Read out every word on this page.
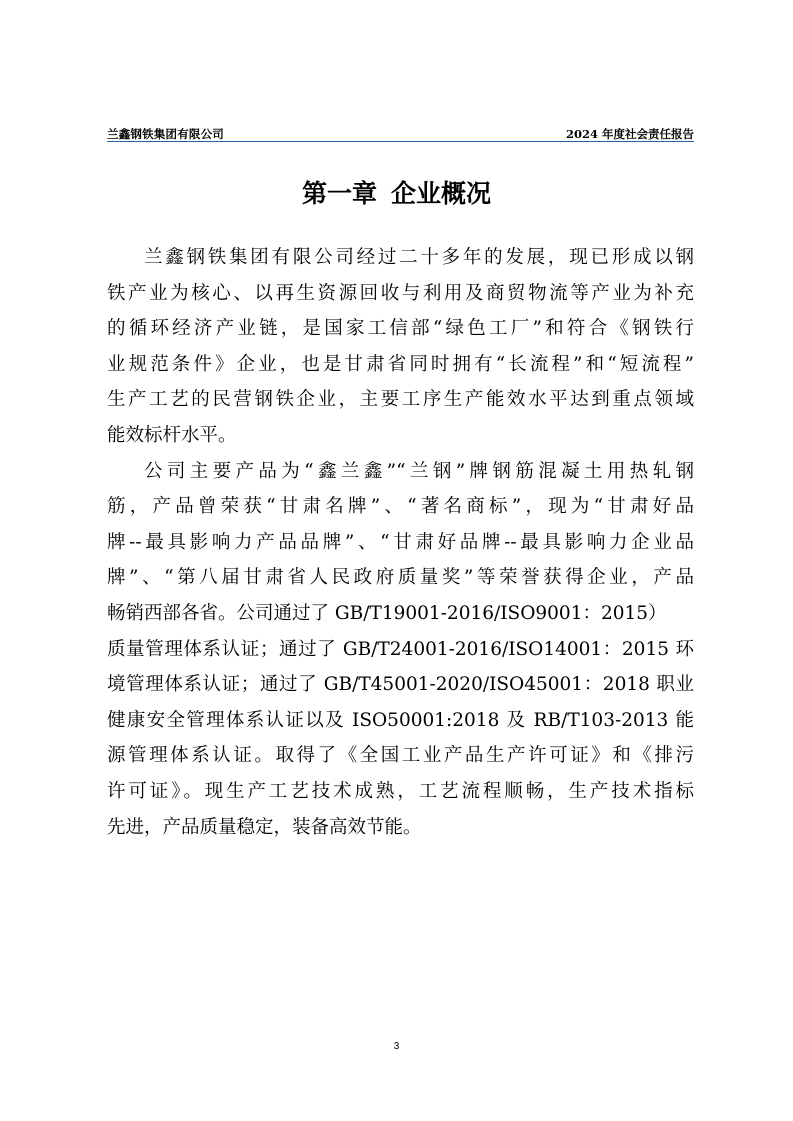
兰鑫钢铁集团有限公司	2024 年度社会责任报告
第一章 企业概况

兰鑫钢铁集团有限公司经过二十多年的发展，现已形成以钢
铁产业为核心、以再生资源回收与利用及商贸物流等产业为补充
的循环经济产业链，是国家工信部“绿色工厂”和符合《钢铁行
业规范条件》企业，也是甘肃省同时拥有“长流程”和“短流程”
生产工艺的民营钢铁企业，主要工序生产能效水平达到重点领域
能效标杆水平。

公司主要产品为“鑫兰鑫”“兰钢”牌钢筋混凝土用热轧钢
筋，产品曾荣获“甘肃名牌”、“著名商标”，现为“甘肃好品
牌--最具影响力产品品牌”、“甘肃好品牌--最具影响力企业品
牌”、“第八届甘肃省人民政府质量奖”等荣誉获得企业，产品
畅销西部各省。公司通过了 GB/T19001-2016/ISO9001：2015）
质量管理体系认证；通过了 GB/T24001-2016/ISO14001：2015 环
境管理体系认证；通过了 GB/T45001-2020/ISO45001：2018 职业
健康安全管理体系认证以及 ISO50001:2018 及 RB/T103-2013 能
源管理体系认证。取得了《全国工业产品生产许可证》和《排污
许可证》。现生产工艺技术成熟，工艺流程顺畅，生产技术指标
先进，产品质量稳定，装备高效节能。

3
